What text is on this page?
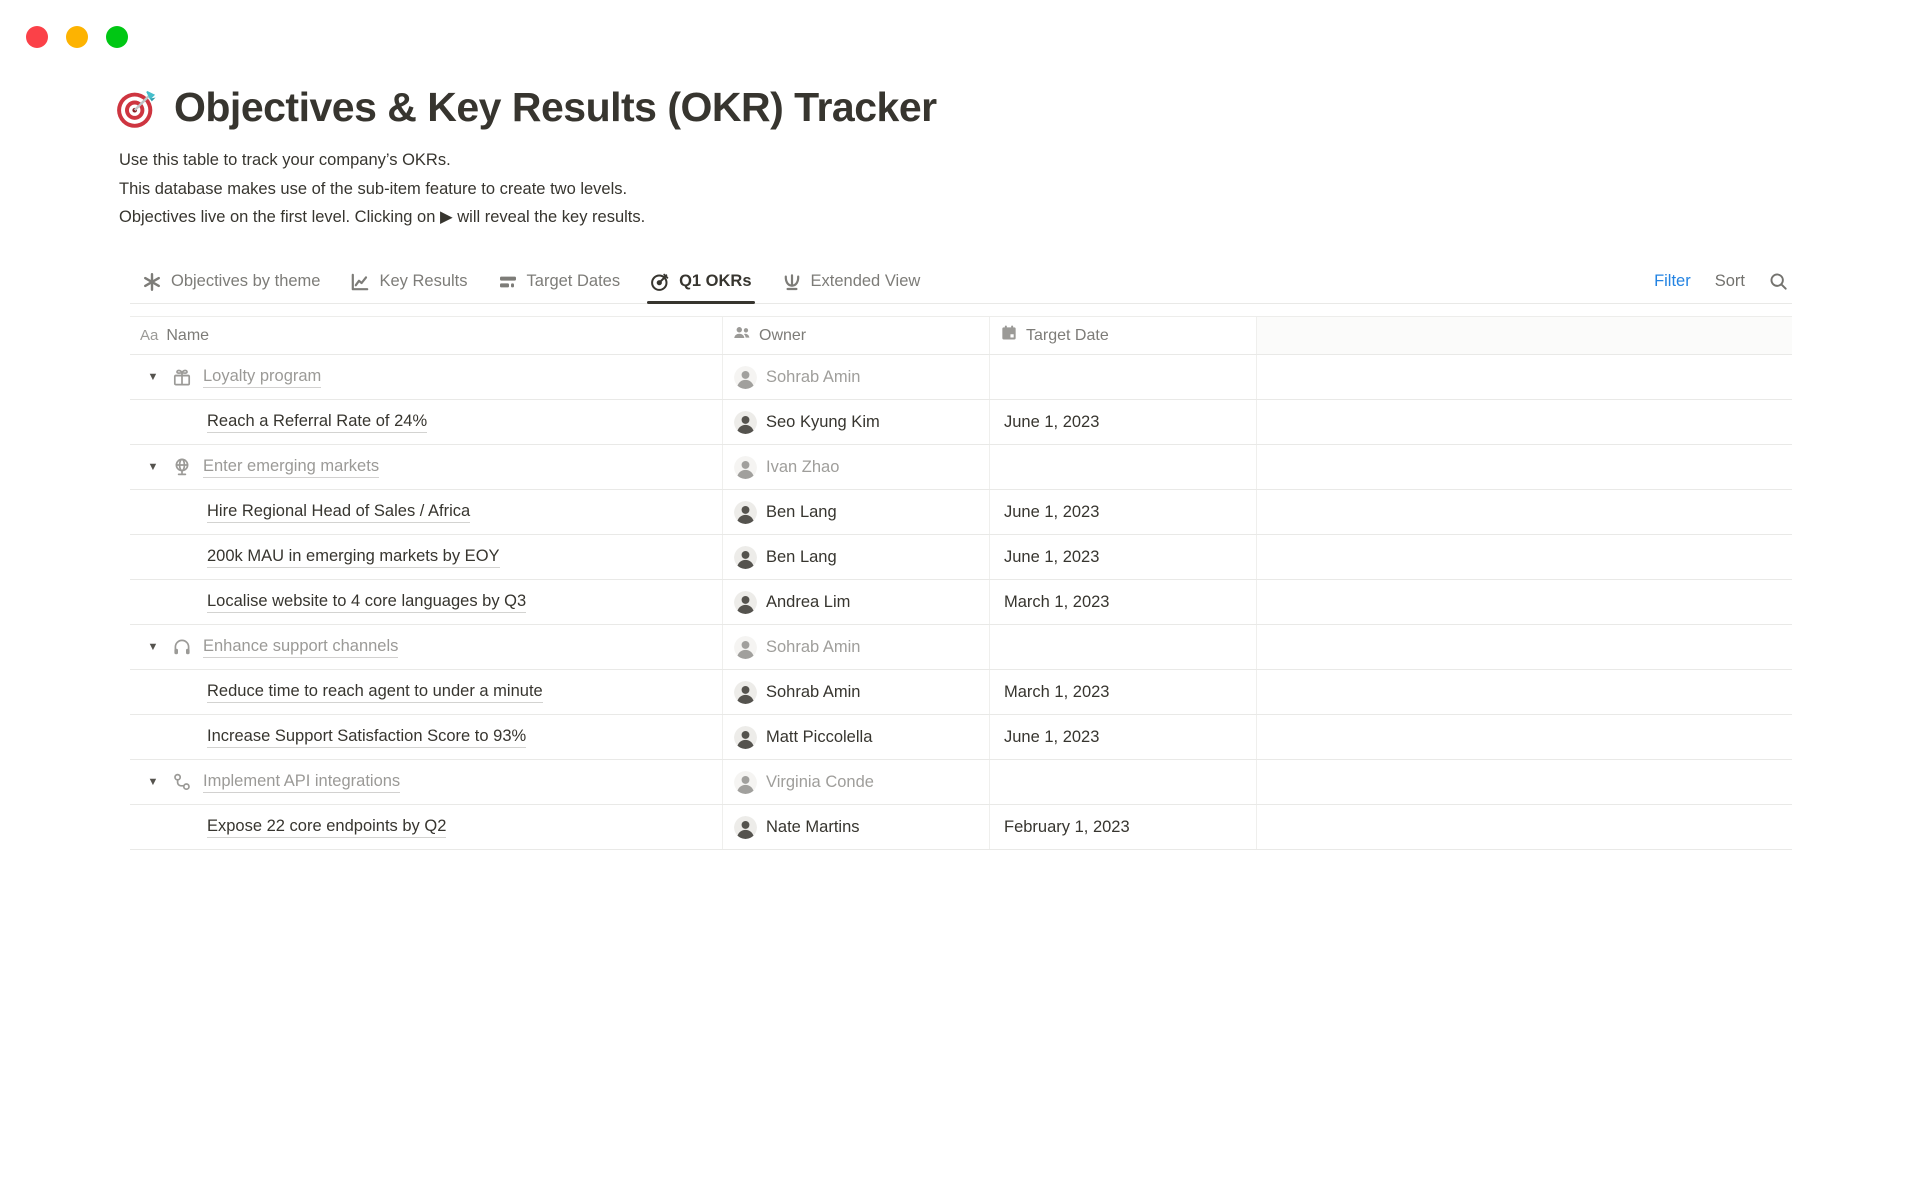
Objectives & Key Results (OKR) Tracker
Use this table to track your company’s OKRs.
This database makes use of the sub-item feature to create two levels.
Objectives live on the first level. Clicking on ▶ will reveal the key results.
Objectives by theme	Key Results	Target Dates	Q1 OKRs	Extended View	Filter Sort
Aa Name	Owner	Target Date
▼	Loyalty program	Sohrab Amin
Reach a Referral Rate of 24%	Seo Kyung Kim	June 1, 2023
▼	Enter emerging markets	Ivan Zhao
Hire Regional Head of Sales / Africa	Ben Lang	June 1, 2023
200k MAU in emerging markets by EOY	Ben Lang	June 1, 2023
Localise website to 4 core languages by Q3	Andrea Lim	March 1, 2023
▼	Enhance support channels	Sohrab Amin
Reduce time to reach agent to under a minute	Sohrab Amin	March 1, 2023
Increase Support Satisfaction Score to 93%	Matt Piccolella	June 1, 2023
▼	Implement API integrations	Virginia Conde
Expose 22 core endpoints by Q2	Nate Martins	February 1, 2023
